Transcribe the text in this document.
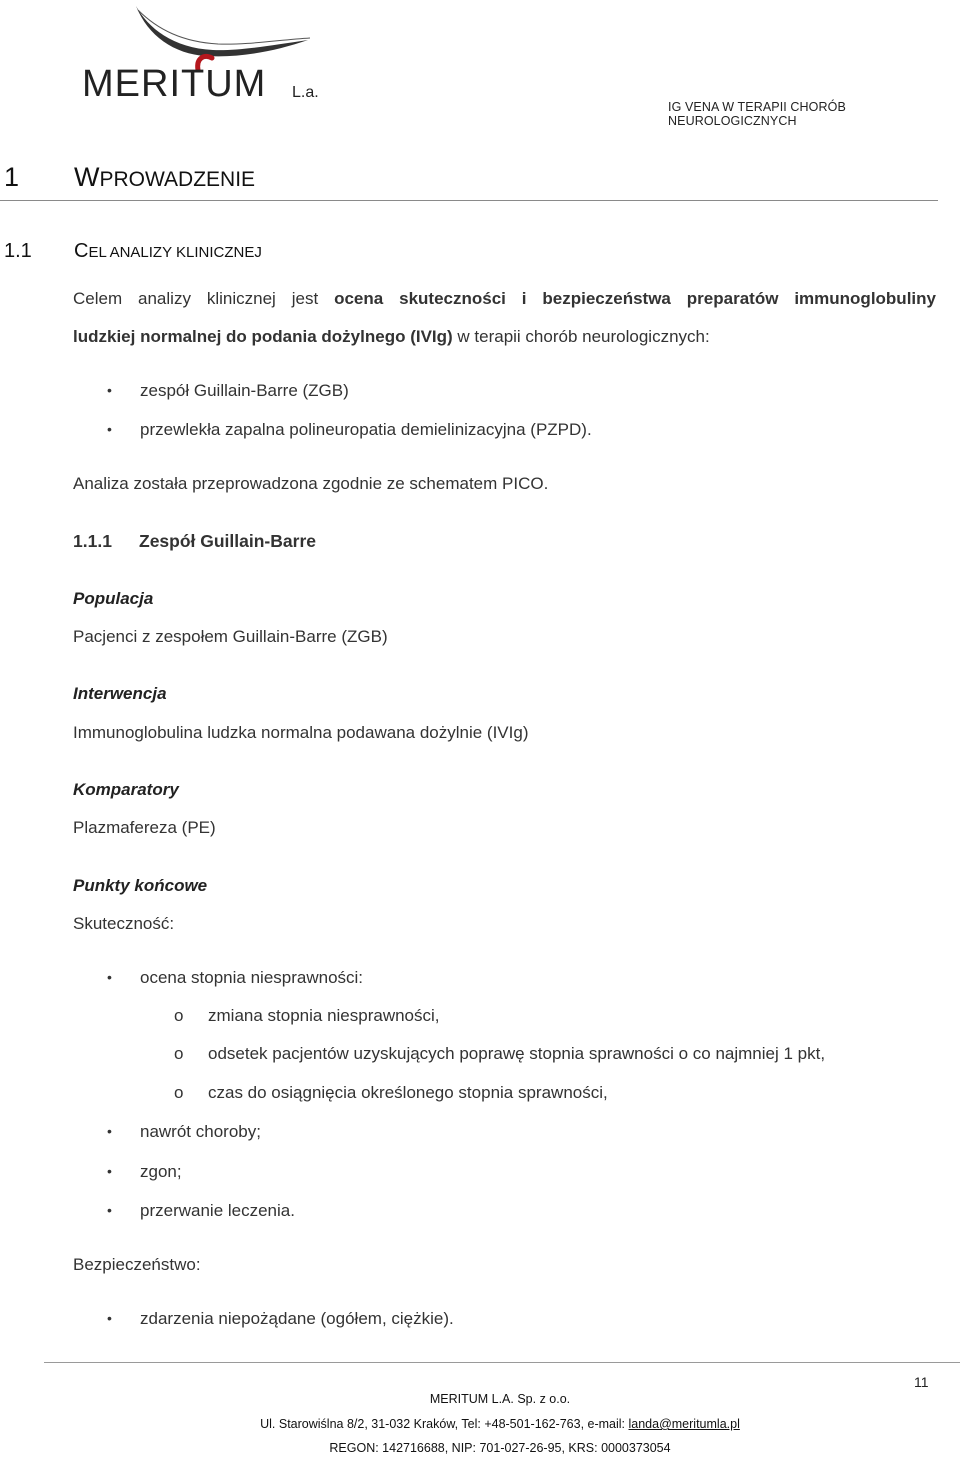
MERITUM L.a.
IG VENA W TERAPII CHORÓB NEUROLOGICZNYCH
1 WPROWADZENIE
1.1 CEL ANALIZY KLINICZNEJ
Celem analizy klinicznej jest ocena skuteczności i bezpieczeństwa preparatów immunoglobuliny
ludzkiej normalnej do podania dożylnego (IVIg) w terapii chorób neurologicznych:
• zespół Guillain-Barre (ZGB)
• przewlekła zapalna polineuropatia demielinizacyjna (PZPD).
Analiza została przeprowadzona zgodnie ze schematem PICO.
1.1.1 Zespół Guillain-Barre
Populacja
Pacjenci z zespołem Guillain-Barre (ZGB)
Interwencja
Immunoglobulina ludzka normalna podawana dożylnie (IVIg)
Komparatory
Plazmafereza (PE)
Punkty końcowe
Skuteczność:
• ocena stopnia niesprawności:
o zmiana stopnia niesprawności,
o odsetek pacjentów uzyskujących poprawę stopnia sprawności o co najmniej 1 pkt,
o czas do osiągnięcia określonego stopnia sprawności,
• nawrót choroby;
• zgon;
• przerwanie leczenia.
Bezpieczeństwo:
• zdarzenia niepożądane (ogółem, ciężkie).
11
MERITUM L.A. Sp. z o.o.
Ul. Starowiślna 8/2, 31-032 Kraków, Tel: +48-501-162-763, e-mail: landa@meritumla.pl
REGON: 142716688, NIP: 701-027-26-95, KRS: 0000373054
